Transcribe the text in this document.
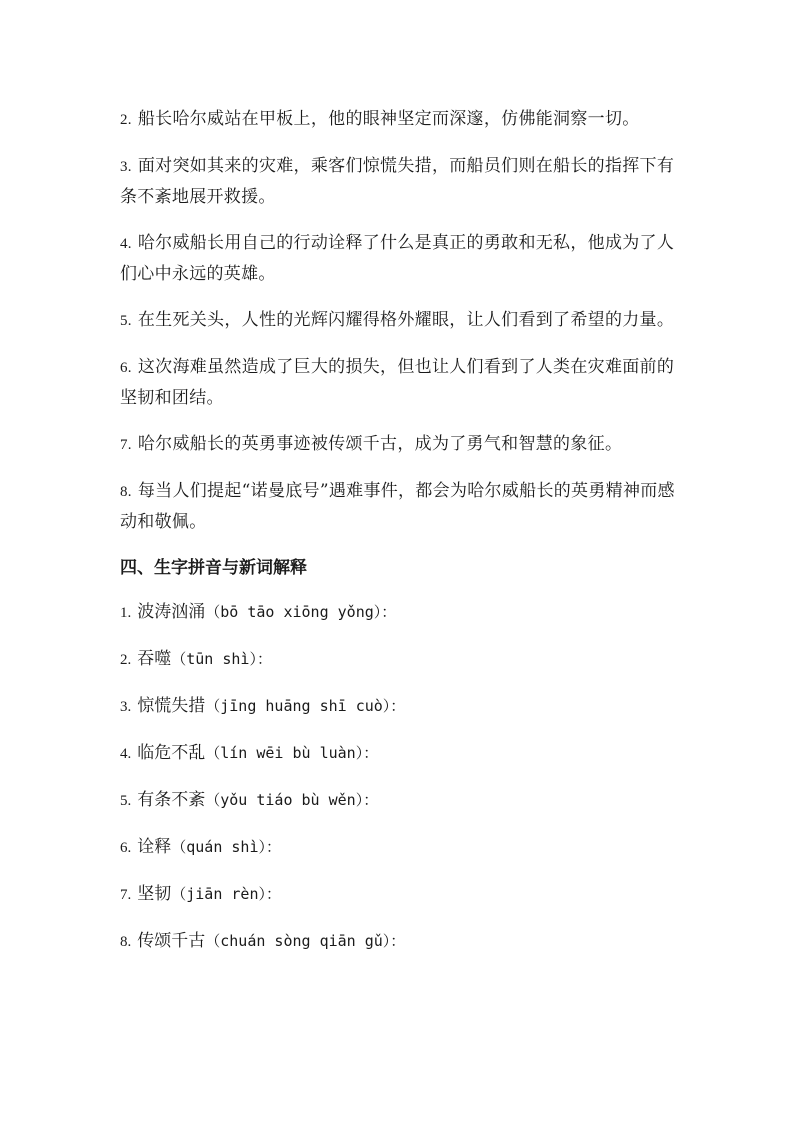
2. 船长哈尔威站在甲板上，他的眼神坚定而深邃，仿佛能洞察一切。

3. 面对突如其来的灾难，乘客们惊慌失措，而船员们则在船长的指挥下有条不紊地展开救援。

4. 哈尔威船长用自己的行动诠释了什么是真正的勇敢和无私，他成为了人们心中永远的英雄。

5. 在生死关头，人性的光辉闪耀得格外耀眼，让人们看到了希望的力量。

6. 这次海难虽然造成了巨大的损失，但也让人们看到了人类在灾难面前的坚韧和团结。

7. 哈尔威船长的英勇事迹被传颂千古，成为了勇气和智慧的象征。

8. 每当人们提起“诺曼底号”遇难事件，都会为哈尔威船长的英勇精神而感动和敬佩。

四、生字拼音与新词解释

1. 波涛汹涌（bō tāo xiōng yǒng）：

2. 吞噬（tūn shì）：

3. 惊慌失措（jīng huāng shī cuò）：

4. 临危不乱（lín wēi bù luàn）：

5. 有条不紊（yǒu tiáo bù wěn）：

6. 诠释（quán shì）：

7. 坚韧（jiān rèn）：

8. 传颂千古（chuán sòng qiān gǔ）：
